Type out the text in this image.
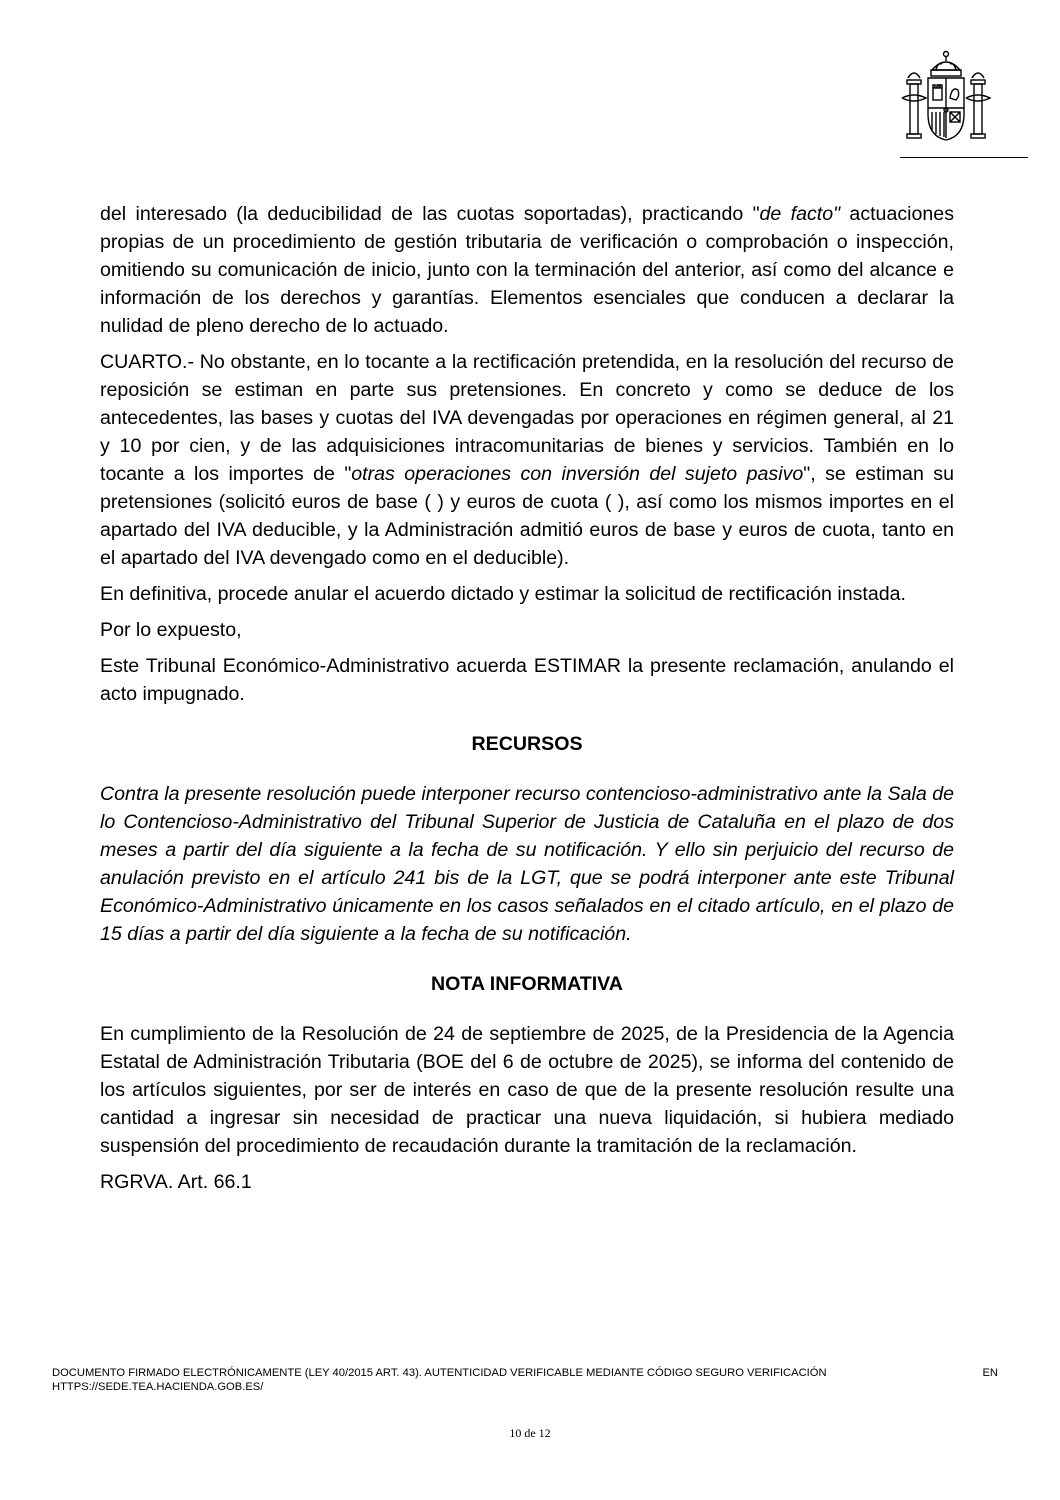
del interesado (la deducibilidad de las cuotas soportadas), practicando "de facto" actuaciones propias de un procedimiento de gestión tributaria de verificación o comprobación o inspección, omitiendo su comunicación de inicio, junto con la terminación del anterior, así como del alcance e información de los derechos y garantías. Elementos esenciales que conducen a declarar la nulidad de pleno derecho de lo actuado.

CUARTO.- No obstante, en lo tocante a la rectificación pretendida, en la resolución del recurso de reposición se estiman en parte sus pretensiones. En concreto y como se deduce de los antecedentes, las bases y cuotas del IVA devengadas por operaciones en régimen general, al 21 y 10 por cien, y de las adquisiciones intracomunitarias de bienes y servicios. También en lo tocante a los importes de "otras operaciones con inversión del sujeto pasivo", se estiman su pretensiones (solicitó euros de base ( ) y euros de cuota ( ), así como los mismos importes en el apartado del IVA deducible, y la Administración admitió euros de base y euros de cuota, tanto en el apartado del IVA devengado como en el deducible).

En definitiva, procede anular el acuerdo dictado y estimar la solicitud de rectificación instada.

Por lo expuesto,

Este Tribunal Económico-Administrativo acuerda ESTIMAR la presente reclamación, anulando el acto impugnado.

RECURSOS

Contra la presente resolución puede interponer recurso contencioso-administrativo ante la Sala de lo Contencioso-Administrativo del Tribunal Superior de Justicia de Cataluña en el plazo de dos meses a partir del día siguiente a la fecha de su notificación. Y ello sin perjuicio del recurso de anulación previsto en el artículo 241 bis de la LGT, que se podrá interponer ante este Tribunal Económico-Administrativo únicamente en los casos señalados en el citado artículo, en el plazo de 15 días a partir del día siguiente a la fecha de su notificación.

NOTA INFORMATIVA

En cumplimiento de la Resolución de 24 de septiembre de 2025, de la Presidencia de la Agencia Estatal de Administración Tributaria (BOE del 6 de octubre de 2025), se informa del contenido de los artículos siguientes, por ser de interés en caso de que de la presente resolución resulte una cantidad a ingresar sin necesidad de practicar una nueva liquidación, si hubiera mediado suspensión del procedimiento de recaudación durante la tramitación de la reclamación.

RGRVA. Art. 66.1

DOCUMENTO FIRMADO ELECTRÓNICAMENTE (LEY 40/2015 ART. 43). AUTENTICIDAD VERIFICABLE MEDIANTE CÓDIGO SEGURO VERIFICACIÓN
HTTPS://SEDE.TEA.HACIENDA.GOB.ES/
EN
10 de 12
